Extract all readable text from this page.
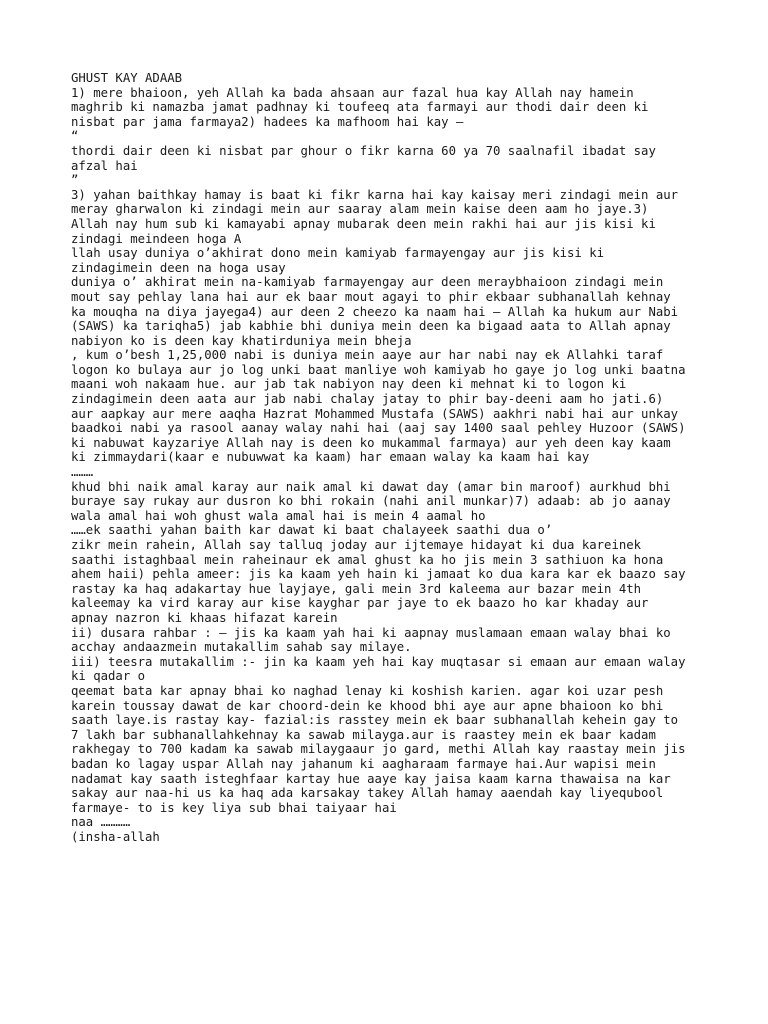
GHUST KAY ADAAB
1) mere bhaioon, yeh Allah ka bada ahsaan aur fazal hua kay Allah nay hamein
maghrib ki namazba jamat padhnay ki toufeeq ata farmayi aur thodi dair deen ki
nisbat par jama farmaya2) hadees ka mafhoom hai kay –
“
thordi dair deen ki nisbat par ghour o fikr karna 60 ya 70 saalnafil ibadat say
afzal hai
”
3) yahan baithkay hamay is baat ki fikr karna hai kay kaisay meri zindagi mein aur
meray gharwalon ki zindagi mein aur saaray alam mein kaise deen aam ho jaye.3)
Allah nay hum sub ki kamayabi apnay mubarak deen mein rakhi hai aur jis kisi ki
zindagi meindeen hoga A
llah usay duniya o’akhirat dono mein kamiyab farmayengay aur jis kisi ki
zindagimein deen na hoga usay
duniya o’ akhirat mein na-kamiyab farmayengay aur deen meraybhaioon zindagi mein
mout say pehlay lana hai aur ek baar mout agayi to phir ekbaar subhanallah kehnay
ka mouqha na diya jayega4) aur deen 2 cheezo ka naam hai – Allah ka hukum aur Nabi
(SAWS) ka tariqha5) jab kabhie bhi duniya mein deen ka bigaad aata to Allah apnay
nabiyon ko is deen kay khatirduniya mein bheja
, kum o’besh 1,25,000 nabi is duniya mein aaye aur har nabi nay ek Allahki taraf
logon ko bulaya aur jo log unki baat manliye woh kamiyab ho gaye jo log unki baatna
maani woh nakaam hue. aur jab tak nabiyon nay deen ki mehnat ki to logon ki
zindagimein deen aata aur jab nabi chalay jatay to phir bay-deeni aam ho jati.6)
aur aapkay aur mere aaqha Hazrat Mohammed Mustafa (SAWS) aakhri nabi hai aur unkay
baadkoi nabi ya rasool aanay walay nahi hai (aaj say 1400 saal pehley Huzoor (SAWS)
ki nabuwat kayzariye Allah nay is deen ko mukammal farmaya) aur yeh deen kay kaam
ki zimmaydari(kaar e nubuwwat ka kaam) har emaan walay ka kaam hai kay
………
khud bhi naik amal karay aur naik amal ki dawat day (amar bin maroof) aurkhud bhi
buraye say rukay aur dusron ko bhi rokain (nahi anil munkar)7) adaab: ab jo aanay
wala amal hai woh ghust wala amal hai is mein 4 aamal ho
……ek saathi yahan baith kar dawat ki baat chalayeek saathi dua o’
zikr mein rahein, Allah say talluq joday aur ijtemaye hidayat ki dua kareinek
saathi istaghbaal mein raheinaur ek amal ghust ka ho jis mein 3 sathiuon ka hona
ahem haii) pehla ameer: jis ka kaam yeh hain ki jamaat ko dua kara kar ek baazo say
rastay ka haq adakartay hue layjaye, gali mein 3rd kaleema aur bazar mein 4th
kaleemay ka vird karay aur kise kayghar par jaye to ek baazo ho kar khaday aur
apnay nazron ki khaas hifazat karein
ii) dusara rahbar : – jis ka kaam yah hai ki aapnay muslamaan emaan walay bhai ko
acchay andaazmein mutakallim sahab say milaye.
iii) teesra mutakallim :- jin ka kaam yeh hai kay muqtasar si emaan aur emaan walay
ki qadar o
qeemat bata kar apnay bhai ko naghad lenay ki koshish karien. agar koi uzar pesh
karein toussay dawat de kar choord-dein ke khood bhi aye aur apne bhaioon ko bhi
saath laye.is rastay kay- fazial:is rasstey mein ek baar subhanallah kehein gay to
7 lakh bar subhanallahkehnay ka sawab milayga.aur is raastey mein ek baar kadam
rakhegay to 700 kadam ka sawab milaygaaur jo gard, methi Allah kay raastay mein jis
badan ko lagay uspar Allah nay jahanum ki aagharaam farmaye hai.Aur wapisi mein
nadamat kay saath isteghfaar kartay hue aaye kay jaisa kaam karna thawaisa na kar
sakay aur naa-hi us ka haq ada karsakay takey Allah hamay aaendah kay liyequbool
farmaye- to is key liya sub bhai taiyaar hai
naa …………
(insha-allah
